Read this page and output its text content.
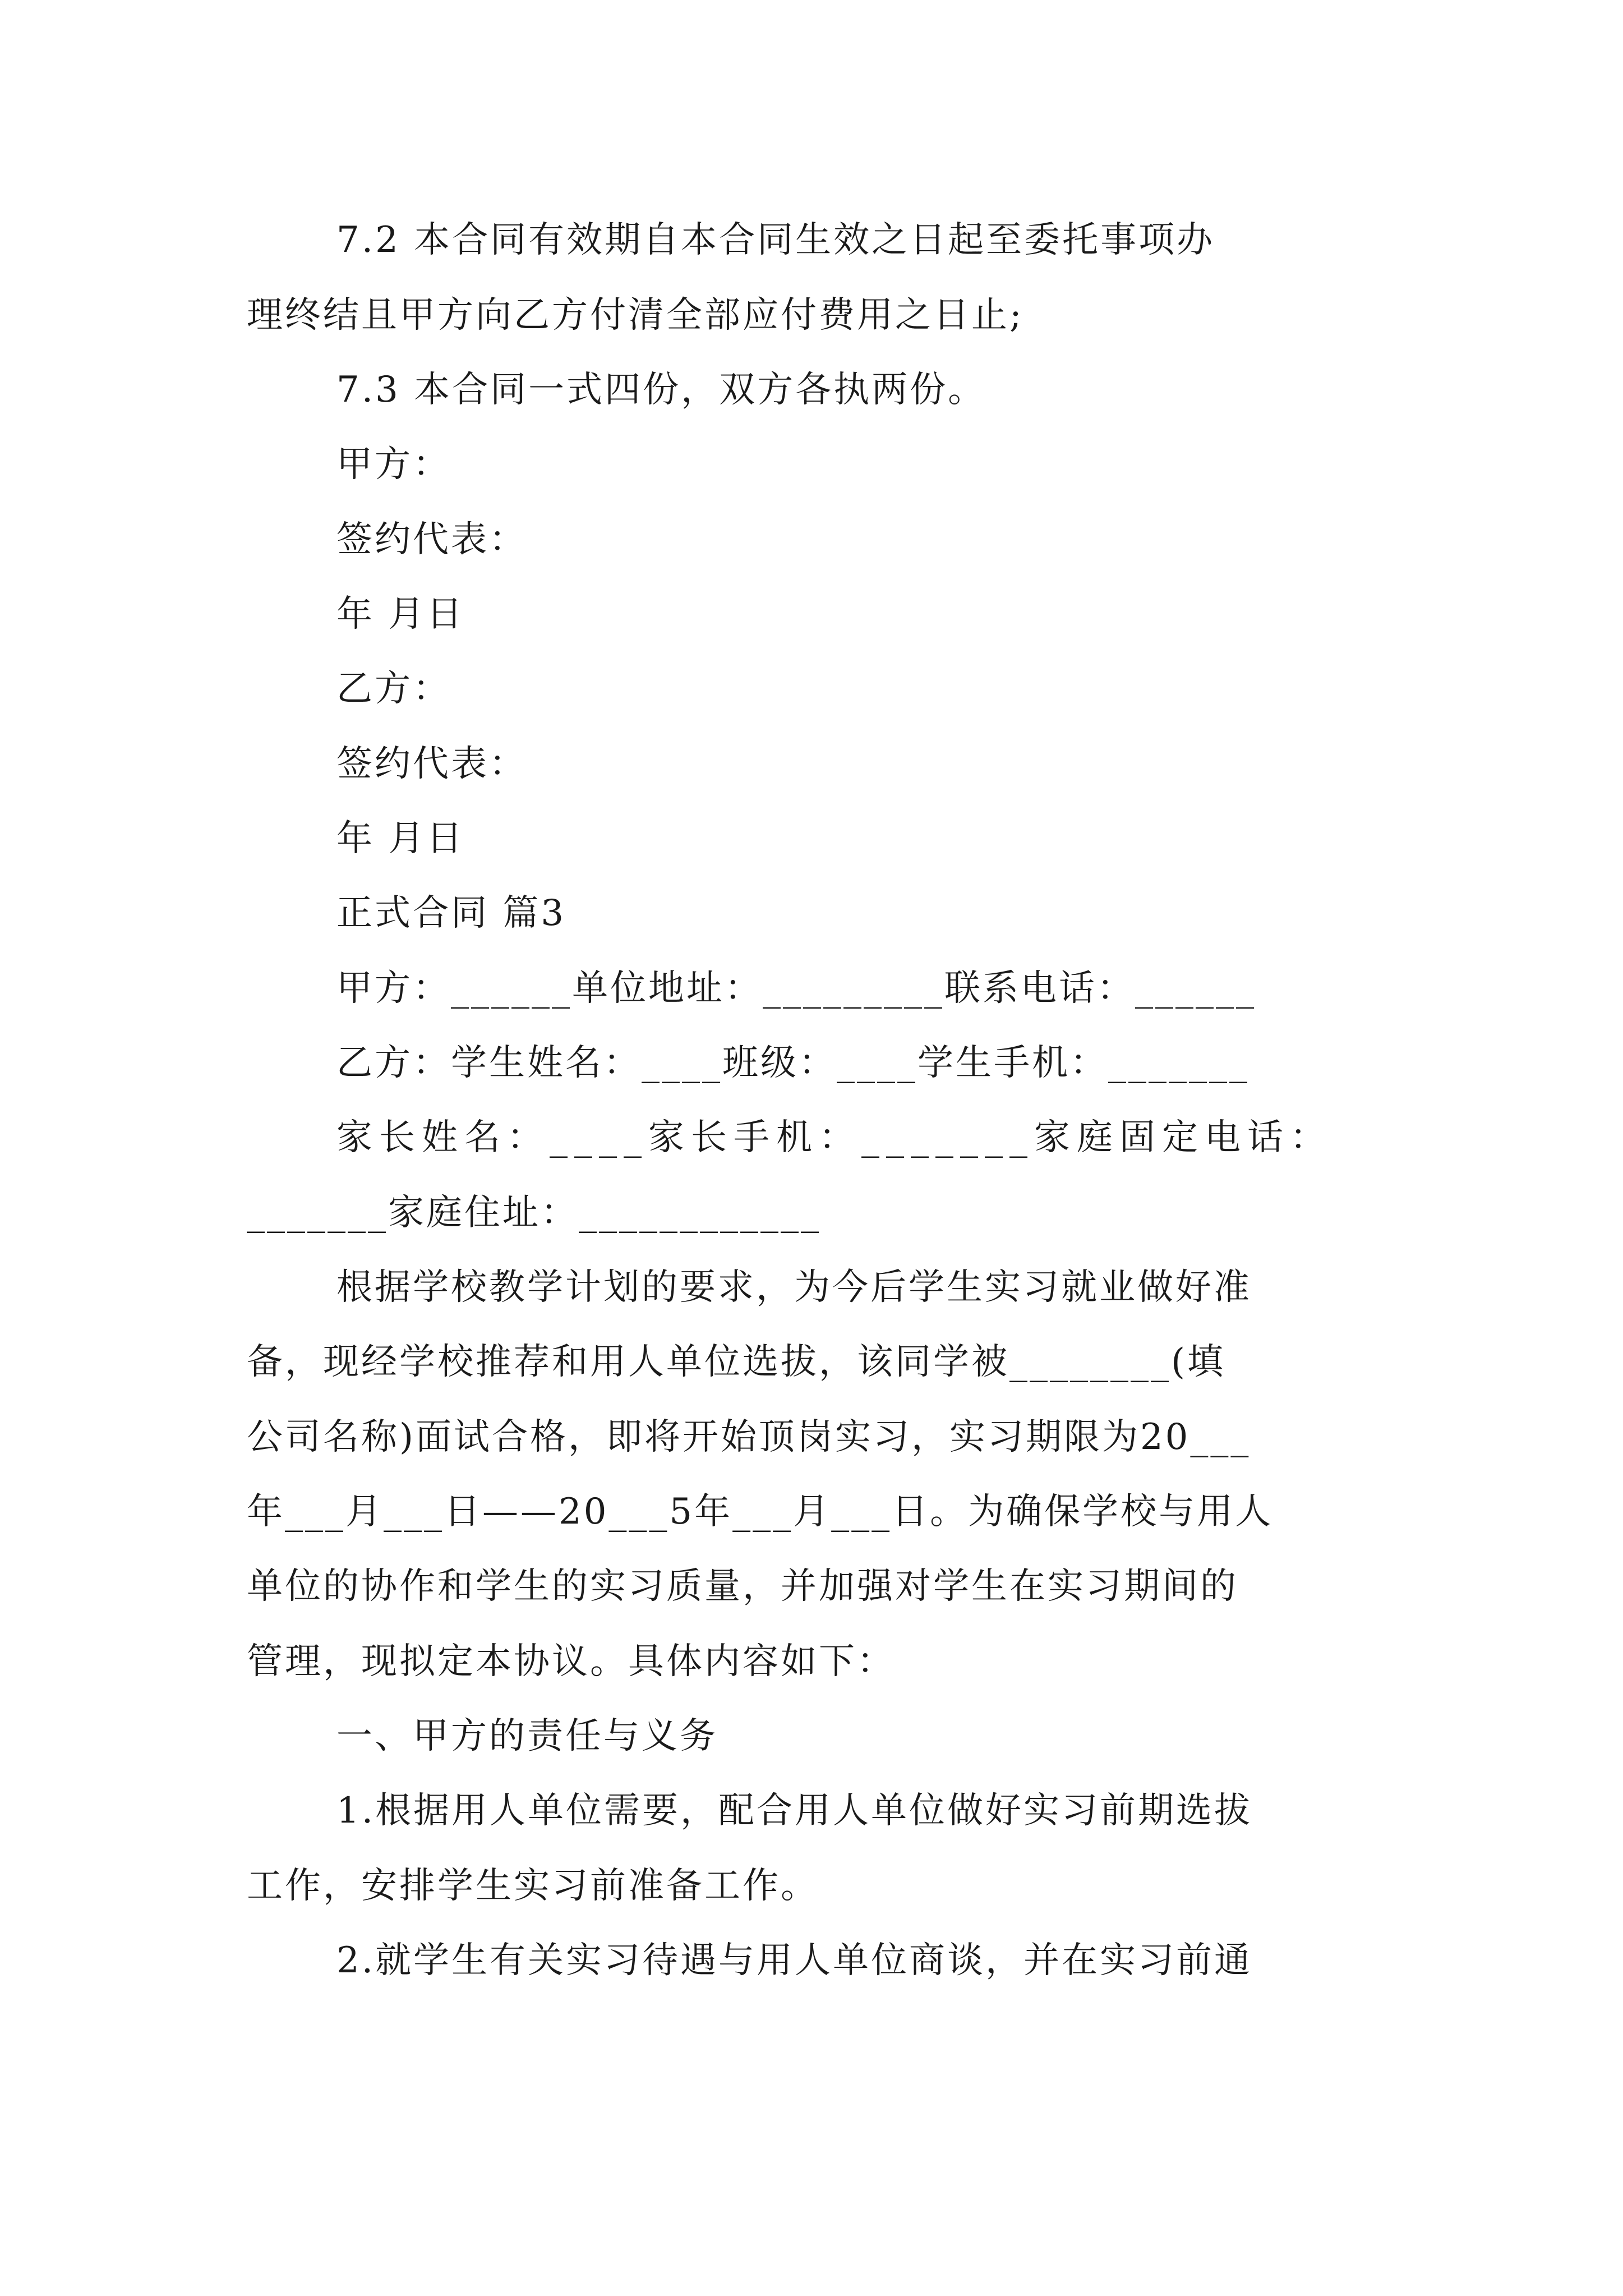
7.2 本合同有效期自本合同生效之日起至委托事项办
理终结且甲方向乙方付清全部应付费用之日止;
7.3 本合同一式四份，双方各执两份。
甲方：
签约代表：
年 月日
乙方：
签约代表：
年 月日
正式合同 篇3
甲方：______单位地址：_________联系电话：______
乙方：学生姓名：____班级：____学生手机：_______
家长姓名：____家长手机：_______家庭固定电话：
_______家庭住址：____________
根据学校教学计划的要求，为今后学生实习就业做好准
备，现经学校推荐和用人单位选拔，该同学被________(填
公司名称)面试合格，即将开始顶岗实习，实习期限为20___
年___月___日——20___5年___月___日。为确保学校与用人
单位的协作和学生的实习质量，并加强对学生在实习期间的
管理，现拟定本协议。具体内容如下：
一、甲方的责任与义务
1.根据用人单位需要，配合用人单位做好实习前期选拔
工作，安排学生实习前准备工作。
2.就学生有关实习待遇与用人单位商谈，并在实习前通
